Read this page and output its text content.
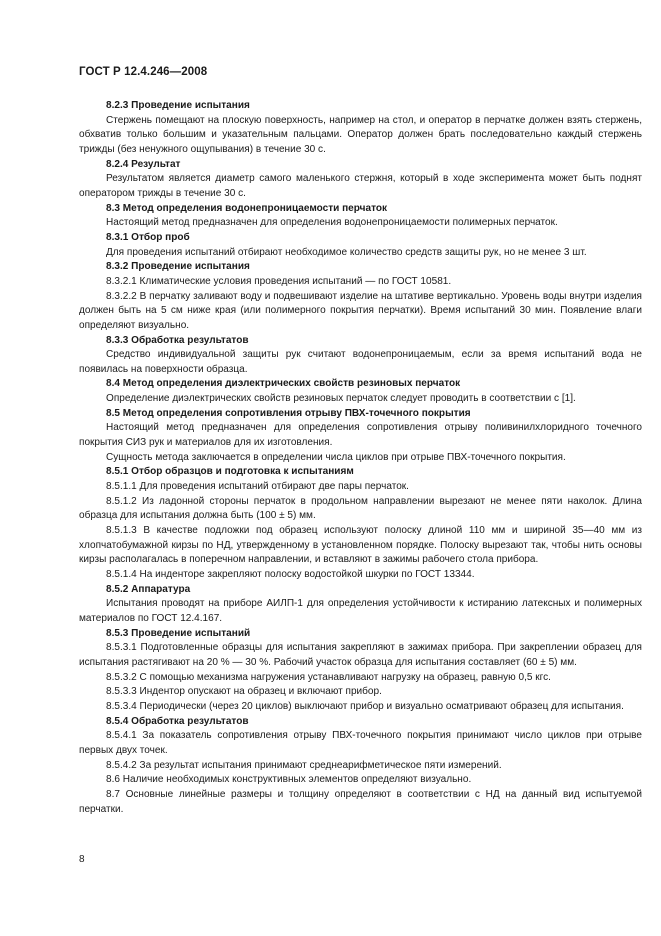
ГОСТ Р 12.4.246—2008

8.2.3 Проведение испытания

Стержень помещают на плоскую поверхность, например на стол, и оператор в перчатке должен взять стержень, обхватив только большим и указательным пальцами. Оператор должен брать последовательно каждый стержень трижды (без ненужного ощупывания) в течение 30 с.

8.2.4 Результат

Результатом является диаметр самого маленького стержня, который в ходе эксперимента может быть поднят оператором трижды в течение 30 с.

8.3 Метод определения водонепроницаемости перчаток

Настоящий метод предназначен для определения водонепроницаемости полимерных перчаток.

8.3.1 Отбор проб

Для проведения испытаний отбирают необходимое количество средств защиты рук, но не менее 3 шт.

8.3.2 Проведение испытания

8.3.2.1 Климатические условия проведения испытаний — по ГОСТ 10581.

8.3.2.2 В перчатку заливают воду и подвешивают изделие на штативе вертикально. Уровень воды внутри изделия должен быть на 5 см ниже края (или полимерного покрытия перчатки). Время испытаний 30 мин. Появление влаги определяют визуально.

8.3.3 Обработка результатов

Средство индивидуальной защиты рук считают водонепроницаемым, если за время испытаний вода не появилась на поверхности образца.

8.4 Метод определения диэлектрических свойств резиновых перчаток

Определение диэлектрических свойств резиновых перчаток следует проводить в соответствии с [1].

8.5 Метод определения сопротивления отрыву ПВХ-точечного покрытия

Настоящий метод предназначен для определения сопротивления отрыву поливинилхлоридного точечного покрытия СИЗ рук и материалов для их изготовления.

Сущность метода заключается в определении числа циклов при отрыве ПВХ-точечного покрытия.

8.5.1 Отбор образцов и подготовка к испытаниям

8.5.1.1 Для проведения испытаний отбирают две пары перчаток.

8.5.1.2 Из ладонной стороны перчаток в продольном направлении вырезают не менее пяти наколок. Длина образца для испытания должна быть (100 ± 5) мм.

8.5.1.3 В качестве подложки под образец используют полоску длиной 110 мм и шириной 35—40 мм из хлопчатобумажной кирзы по НД, утвержденному в установленном порядке. Полоску вырезают так, чтобы нить основы кирзы располагалась в поперечном направлении, и вставляют в зажимы рабочего стола прибора.

8.5.1.4 На инденторе закрепляют полоску водостойкой шкурки по ГОСТ 13344.

8.5.2 Аппаратура

Испытания проводят на приборе АИЛП-1 для определения устойчивости к истиранию латексных и полимерных материалов по ГОСТ 12.4.167.

8.5.3 Проведение испытаний

8.5.3.1 Подготовленные образцы для испытания закрепляют в зажимах прибора. При закреплении образец для испытания растягивают на 20 % — 30 %. Рабочий участок образца для испытания составляет (60 ± 5) мм.

8.5.3.2 С помощью механизма нагружения устанавливают нагрузку на образец, равную 0,5 кгс.

8.5.3.3 Индентор опускают на образец и включают прибор.

8.5.3.4 Периодически (через 20 циклов) выключают прибор и визуально осматривают образец для испытания.

8.5.4 Обработка результатов

8.5.4.1 За показатель сопротивления отрыву ПВХ-точечного покрытия принимают число циклов при отрыве первых двух точек.

8.5.4.2 За результат испытания принимают среднеарифметическое пяти измерений.

8.6 Наличие необходимых конструктивных элементов определяют визуально.

8.7 Основные линейные размеры и толщину определяют в соответствии с НД на данный вид испытуемой перчатки.

8
